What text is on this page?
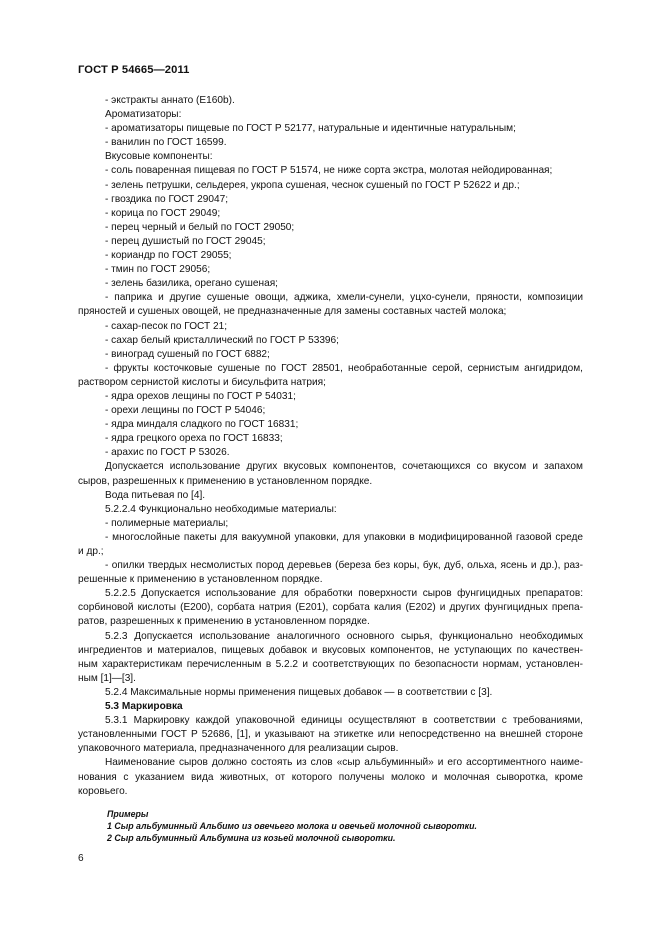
ГОСТ Р 54665—2011

- экстракты аннато (Е160b).

Ароматизаторы:

- ароматизаторы пищевые по ГОСТ Р 52177, натуральные и идентичные натуральным;

- ванилин по ГОСТ 16599.

Вкусовые компоненты:

- соль поваренная пищевая по ГОСТ Р 51574, не ниже сорта экстра, молотая нейодированная;

- зелень петрушки, сельдерея, укропа сушеная, чеснок сушеный по ГОСТ Р 52622 и др.;

- гвоздика по ГОСТ 29047;

- корица по ГОСТ 29049;

- перец черный и белый по ГОСТ 29050;

- перец душистый по ГОСТ 29045;

- кориандр по ГОСТ 29055;

- тмин по ГОСТ 29056;

- зелень базилика, орегано сушеная;

- паприка и другие сушеные овощи, аджика, хмели-сунели, уцхо-сунели, пряности, композиции

пряностей и сушеных овощей, не предназначенные для замены составных частей молока;

- сахар-песок по ГОСТ 21;

- сахар белый кристаллический по ГОСТ Р 53396;

- виноград сушеный по ГОСТ 6882;

- фрукты косточковые сушеные по ГОСТ 28501, необработанные серой, сернистым ангидридом,

раствором сернистой кислоты и бисульфита натрия;

- ядра орехов лещины по ГОСТ Р 54031;

- орехи лещины по ГОСТ Р 54046;

- ядра миндаля сладкого по ГОСТ 16831;

- ядра грецкого ореха по ГОСТ 16833;

- арахис по ГОСТ Р 53026.

Допускается использование других вкусовых компонентов, сочетающихся со вкусом и запахом

сыров, разрешенных к применению в установленном порядке.

Вода питьевая по [4].

5.2.2.4 Функционально необходимые материалы:

- полимерные материалы;

- многослойные пакеты для вакуумной упаковки, для упаковки в модифицированной газовой среде

и др.;

- опилки твердых несмолистых пород деревьев (береза без коры, бук, дуб, ольха, ясень и др.), раз-

решенные к применению в установленном порядке.

5.2.2.5 Допускается использование для обработки поверхности сыров фунгицидных препаратов:

сорбиновой кислоты (Е200), сорбата натрия (Е201), сорбата калия (Е202) и других фунгицидных препа-

ратов, разрешенных к применению в установленном порядке.

5.2.3 Допускается использование аналогичного основного сырья, функционально необходимых

ингредиентов и материалов, пищевых добавок и вкусовых компонентов, не уступающих по качествен-

ным характеристикам перечисленным в 5.2.2 и соответствующих по безопасности нормам, установлен-

ным [1]—[3].

5.2.4 Максимальные нормы применения пищевых добавок — в соответствии с [3].

5.3 Маркировка

5.3.1 Маркировку каждой упаковочной единицы осуществляют в соответствии с требованиями,

установленными ГОСТ Р 52686, [1], и указывают на этикетке или непосредственно на внешней стороне

упаковочного материала, предназначенного для реализации сыров.

Наименование сыров должно состоять из слов «сыр альбуминный» и его ассортиментного наиме-

нования с указанием вида животных, от которого получены молоко и молочная сыворотка, кроме

коровьего.

Примеры

1 Сыр альбуминный Альбимо из овечьего молока и овечьей молочной сыворотки.

2 Сыр альбуминный Альбумина из козьей молочной сыворотки.

6
